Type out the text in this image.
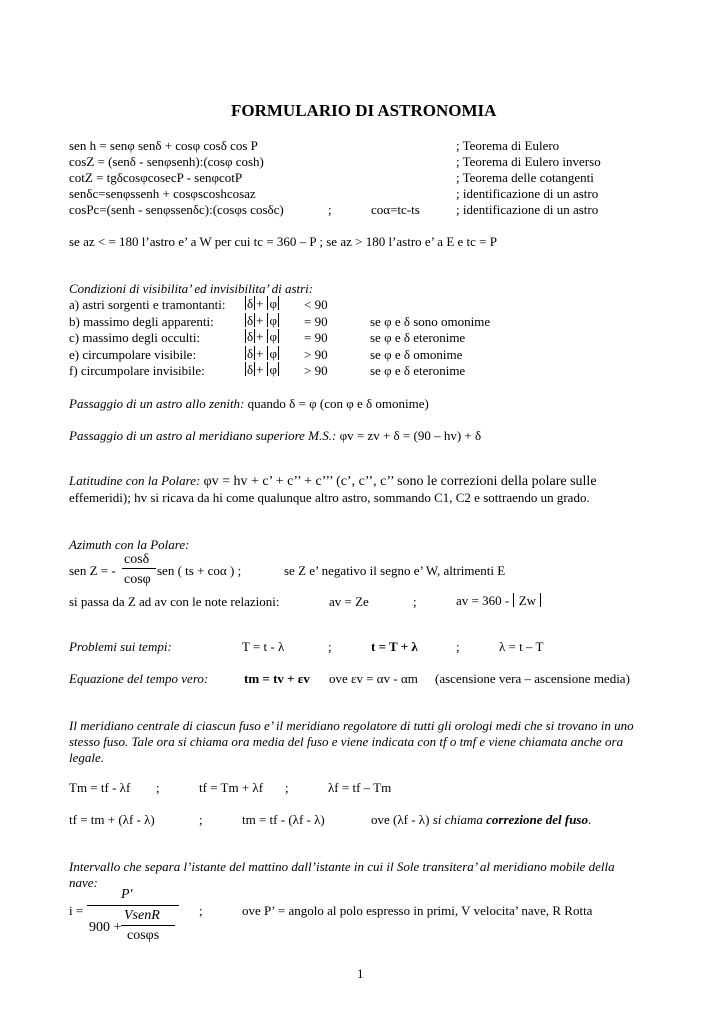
FORMULARIO DI ASTRONOMIA
sen h = senφ senδ + cosφ cosδ cos P	; Teorema di Eulero
cosZ = (senδ - senφsenh):(cosφ cosh)	; Teorema di Eulero inverso
cotZ = tgδcosφcosecP - senφcotP	; Teorema delle cotangenti
senδc=senφssenh + cosφscoshcosaz	; identificazione di un astro
cosPc=(senh - senφssenδc):(cosφs cosδc)	;	coα=tc-ts	; identificazione di un astro
se az < = 180 l’astro e’ a W per cui tc = 360 – P ; se az > 180 l’astro e’ a E e tc = P
Condizioni di visibilita’ ed invisibilita’ di astri:
a) astri sorgenti e tramontanti: δ + φ < 90
b) massimo degli apparenti:	δ + φ = 90	se φ e δ sono omonime
c) massimo degli occulti:	δ + φ = 90	se φ e δ eteronime
e) circumpolare visibile:	δ + φ > 90	se φ e δ omonime
f) circumpolare invisibile:	δ + φ > 90	se φ e δ eteronime
Passaggio di un astro allo zenith: quando δ = φ (con φ e δ omonime)
Passaggio di un astro al meridiano superiore M.S.: φv = zv + δ = (90 – hv) + δ
Latitudine con la Polare: φv = hv + c’ + c’’ + c’’’ (c’, c’’, c’’ sono le correzioni della polare sulle
effemeridi); hv si ricava da hi come qualunque altro astro, sommando C1, C2 e sottraendo un grado.
Azimuth con la Polare:
sen Z = -
cosδ
cosφ
sen ( ts + coα ) ;	se Z e’ negativo il segno e’ W, altrimenti E
si passa da Z ad av con le note relazioni:	av = Ze	;	av = 360 - Zw
Problemi sui tempi:	T = t - λ	;	t = T + λ	;	λ = t – T
Equazione del tempo vero:	tm = tv + εv ove εv = αv - αm (ascensione vera – ascensione media)
Il meridiano centrale di ciascun fuso e’ il meridiano regolatore di tutti gli orologi medi che si trovano in uno
stesso fuso. Tale ora si chiama ora media del fuso e viene indicata con tf o tmf e viene chiamata anche ora
legale.
Tm = tf - λf ;	tf = Tm + λf ;	λf = tf – Tm
tf = tm + (λf - λ)	;	tm = tf - (λf - λ)	ove (λf - λ) si chiama correzione del fuso.
Intervallo che separa l’istante del mattino dall’istante in cui il Sole transitera’ al meridiano mobile della
nave:
i =
P'
900 +
VsenR
cosφs
;	ove P’ = angolo al polo espresso in primi, V velocita’ nave, R Rotta
1
